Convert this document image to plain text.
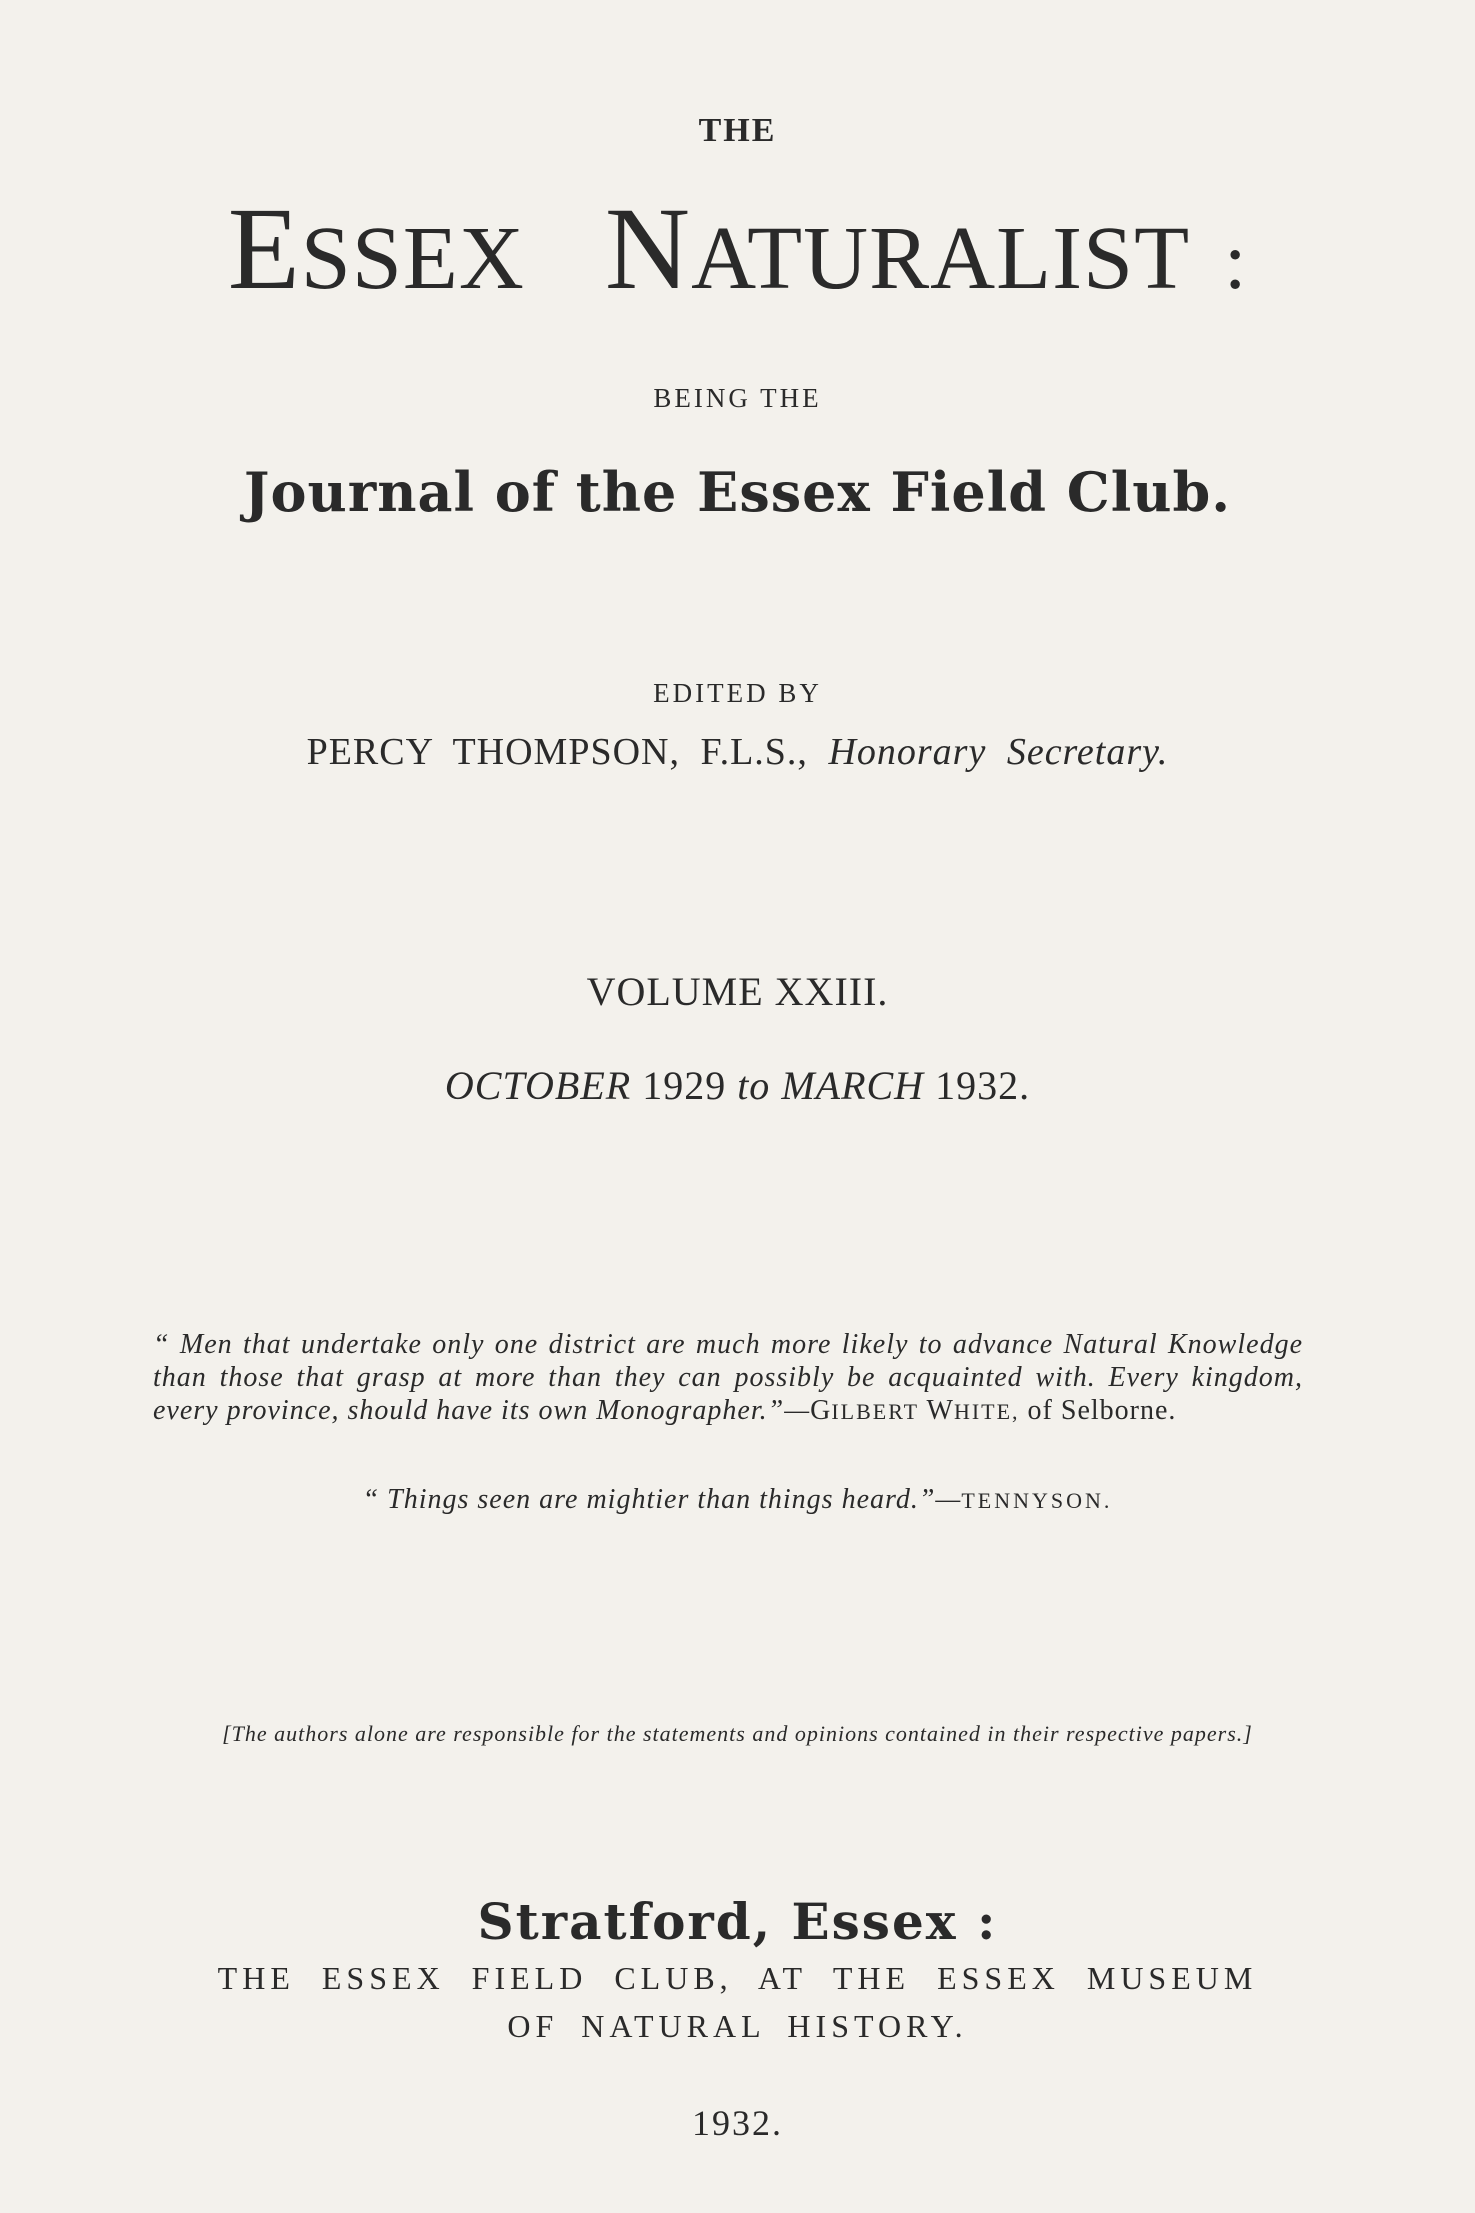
THE
ESSEX NATURALIST :
BEING THE
Journal of the Essex Field Club.
EDITED BY
PERCY THOMPSON, F.L.S., Honorary Secretary.
VOLUME XXIII.
OCTOBER 1929 to MARCH 1932.
“ Men that undertake only one district are much more likely to advance Natural Knowledge than those that grasp at more than they can possibly be acquainted with. Every kingdom, every province, should have its own Monographer.”—GILBERT WHITE, of Selborne.
“ Things seen are mightier than things heard.”—TENNYSON.
[The authors alone are responsible for the statements and opinions contained in their respective papers.]
Stratford, Essex :
THE ESSEX FIELD CLUB, AT THE ESSEX MUSEUM
OF NATURAL HISTORY.
1932.
